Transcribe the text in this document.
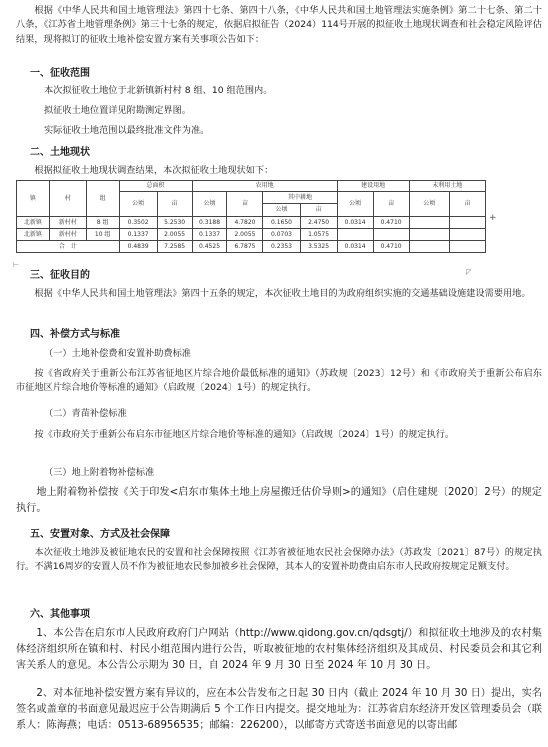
根据《中华人民共和国土地管理法》第四十七条、第四十八条，《中华人民共和国土地管理法实施条例》第二十七条、第二十八条，《江苏省土地管理条例》第三十七条的规定，依据启拟征告（2024）114号开展的拟征收土地现状调查和社会稳定风险评估结果，现将拟订的征收土地补偿安置方案有关事项公告如下：

一、征收范围

本次拟征收土地位于北新镇新村村 8 组、10 组范围内。

拟征收土地位置详见附勘测定界图。

实际征收土地范围以最终批准文件为准。

二、土地现状

根据拟征收土地现状调查结果，本次拟征收土地现状如下：

镇	村	组	总面积		农用地				建设用地		未利用土地	
			公顷	亩	公顷	亩	其中耕地		公顷	亩	公顷	亩
							公顷	亩				
北新镇	新村村	8 组	0.3502	5.2530	0.3188	4.7820	0.1650	2.4750	0.0314	0.4710		
北新镇	新村村	10 组	0.1337	2.0055	0.1337	2.0055	0.0703	1.0575				
合　计			0.4839	7.2585	0.4525	6.7875	0.2353	3.5325	0.0314	0.4710		
+
⊢
◸

三、征收目的

根据《中华人民共和国土地管理法》第四十五条的规定，本次征收土地目的为政府组织实施的交通基础设施建设需要用地。

四、补偿方式与标准

（一）土地补偿费和安置补助费标准

按《省政府关于重新公布江苏省征地区片综合地价最低标准的通知》（苏政规〔2023〕12号）和《市政府关于重新公布启东市征地区片综合地价等标准的通知》（启政规〔2024〕1号）的规定执行。

（二）青苗补偿标准

按《市政府关于重新公布启东市征地区片综合地价等标准的通知》（启政规〔2024〕1号）的规定执行。

（三）地上附着物补偿标准

地上附着物补偿按《关于印发<启东市集体土地上房屋搬迁估价导则>的通知》（启住建规〔2020〕2号）的规定执行。

五、安置对象、方式及社会保障

本次征收土地涉及被征地农民的安置和社会保障按照《江苏省被征地农民社会保障办法》（苏政发〔2021〕87号）的规定执行。不满16周岁的安置人员不作为被征地农民参加被乡社会保障，其本人的安置补助费由启东市人民政府按规定足额支付。

六、其他事项

1、本公告在启东市人民政府政府门户网站（http://www.qidong.gov.cn/qdsgtj/）和拟征收土地涉及的农村集体经济组织所在镇和村、村民小组范围内进行公告，听取被征地的农村集体经济组织及其成员、村民委员会和其它利害关系人的意见。本公告公示期为 30 日，自 2024 年 9 月 30 日至 2024 年 10 月 30 日。

2、对本征地补偿安置方案有异议的，应在本公告发布之日起 30 日内（截止 2024 年 10 月 30 日）提出，实名签名或盖章的书面意见最迟应于公告期满后 5 个工作日内提交。提交地址为：江苏省启东经济开发区管理委员会（联系人：陈海燕；电话：0513-68956535；邮编：226200），以邮寄方式寄送书面意见的以寄出邮
